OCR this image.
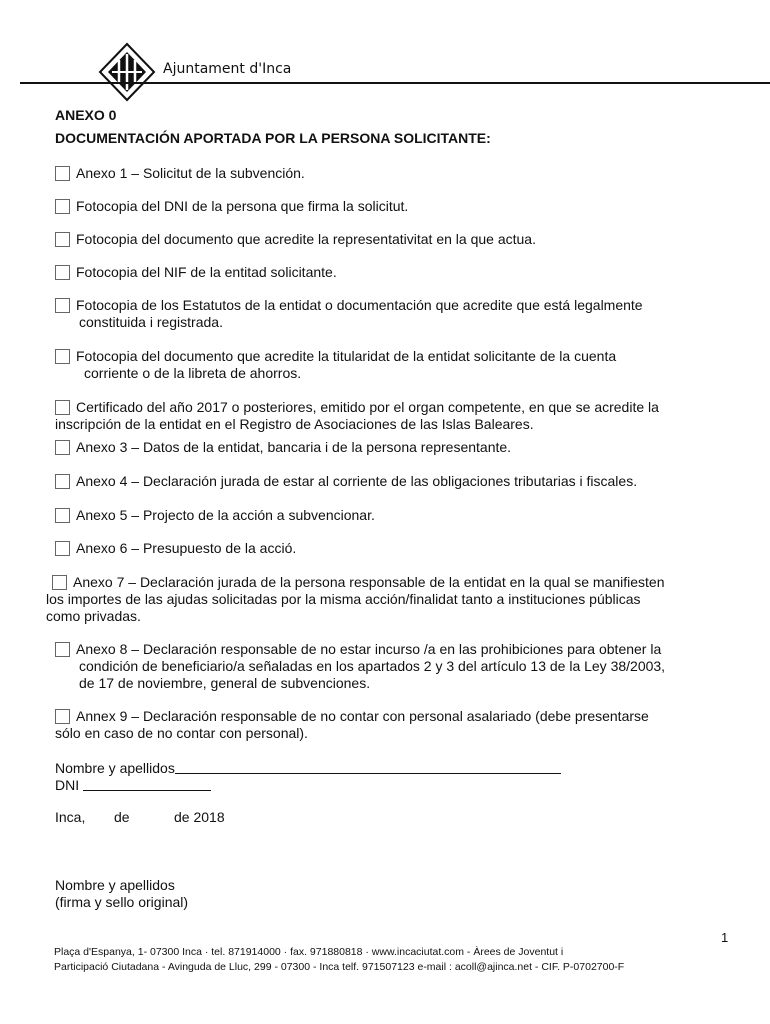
Ajuntament d'Inca
ANEXO 0
DOCUMENTACIÓN APORTADA POR LA PERSONA SOLICITANTE:
Anexo 1 – Solicitut de la subvención.
Fotocopia del DNI de la persona que firma la solicitut.
Fotocopia del documento que acredite la representativitat en la que actua.
Fotocopia del NIF de la entitad solicitante.
Fotocopia de los Estatutos de la entidat o documentación que acredite que está legalmente
constituida i registrada.
Fotocopia del documento que acredite la titularidat de la entidat solicitante de la cuenta
corriente o de la libreta de ahorros.
Certificado del año 2017 o posteriores, emitido por el organ competente, en que se acredite la
inscripción de la entidat en el Registro de Asociaciones de las Islas Baleares.
Anexo 3 – Datos de la entidat, bancaria i de la persona representante.
Anexo 4 – Declaración jurada de estar al corriente de las obligaciones tributarias i fiscales.
Anexo 5 – Projecto de la acción a subvencionar.
Anexo 6 – Presupuesto de la acció.
Anexo 7 – Declaración jurada de la persona responsable de la entidat en la qual se manifiesten
los importes de las ajudas solicitadas por la misma acción/finalidat tanto a instituciones públicas
como privadas.
Anexo 8 – Declaración responsable de no estar incurso /a en las prohibiciones para obtener la
condición de beneficiario/a señaladas en los apartados 2 y 3 del artículo 13 de la Ley 38/2003,
de 17 de noviembre, general de subvenciones.
Annex 9 – Declaración responsable de no contar con personal asalariado (debe presentarse
sólo en caso de no contar con personal).
Nombre y apellidos
DNI
Inca, de	de 2018
Nombre y apellidos
(firma y sello original)
1
Plaça d'Espanya, 1- 07300 Inca · tel. 871914000 · fax. 971880818 · www.incaciutat.com - Àrees de Joventut i
Participació Ciutadana - Avinguda de Lluc, 299 - 07300 - Inca telf. 971507123 e-mail : acoll@ajinca.net - CIF. P-0702700-F
